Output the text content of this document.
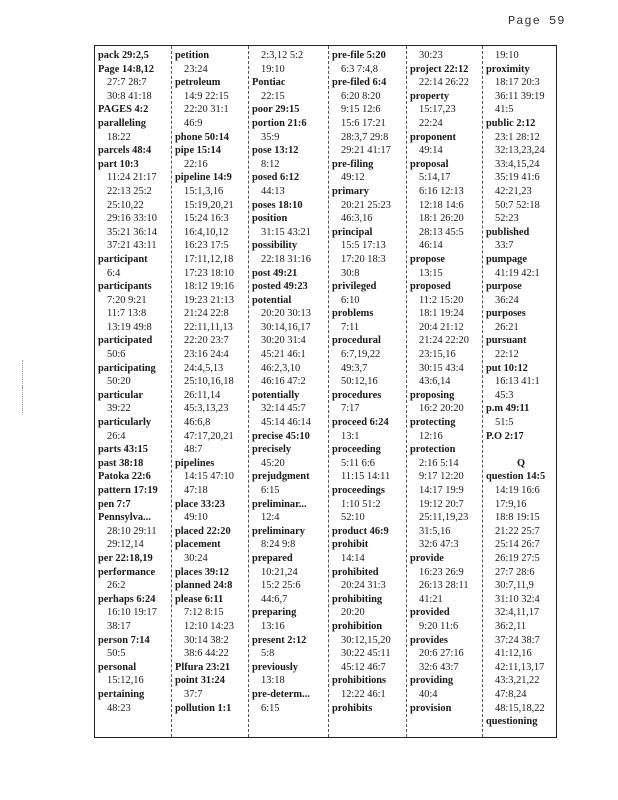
Page 59
pack 29:2,5
Page 14:8,12
27:7 28:7
30:8 41:18
PAGES 4:2
paralleling
18:22
parcels 48:4
part 10:3
11:24 21:17
22:13 25:2
25:10,22
29:16 33:10
35:21 36:14
37:21 43:11
participant
6:4
participants
7:20 9:21
11:7 13:8
13:19 49:8
participated
50:6
participating
50:20
particular
39:22
particularly
26:4
parts 43:15
past 38:18
Patoka 22:6
pattern 17:19
pen 7:7
Pennsylva...
28:10 29:11
29:12,14
per 22:18,19
performance
26:2
perhaps 6:24
16:10 19:17
38:17
person 7:14
50:5
personal
15:12,16
pertaining
48:23
petition
23:24
petroleum
14:9 22:15
22:20 31:1
46:9
phone 50:14
pipe 15:14
22:16
pipeline 14:9
15:1,3,16
15:19,20,21
15:24 16:3
16:4,10,12
16:23 17:5
17:11,12,18
17:23 18:10
18:12 19:16
19:23 21:13
21:24 22:8
22:11,11,13
22:20 23:7
23:16 24:4
24:4,5,13
25:10,16,18
26:11,14
45:3,13,23
46:6,8
47:17,20,21
48:7
pipelines
14:15 47:10
47:18
place 33:23
49:10
placed 22:20
placement
30:24
places 39:12
planned 24:8
please 6:11
7:12 8:15
12:10 14:23
30:14 38:2
38:6 44:22
Plfura 23:21
point 31:24
37:7
pollution 1:1
2:3,12 5:2
19:10
Pontiac
22:15
poor 29:15
portion 21:6
35:9
pose 13:12
8:12
posed 6:12
44:13
poses 18:10
position
31:15 43:21
possibility
22:18 31:16
post 49:21
posted 49:23
potential
20:20 30:13
30:14,16,17
30:20 31:4
45:21 46:1
46:2,3,10
46:16 47:2
potentially
32:14 45:7
45:14 46:14
precise 45:10
precisely
45:20
prejudgment
6:15
preliminar...
12:4
preliminary
8:24 9:8
prepared
10:21,24
15:2 25:6
44:6,7
preparing
13:16
present 2:12
5:8
previously
13:18
pre-determ...
6:15
pre-file 5:20
6:3 7:4,8
pre-filed 6:4
6:20 8:20
9:15 12:6
15:6 17:21
28:3,7 29:8
29:21 41:17
pre-filing
49:12
primary
20:21 25:23
46:3,16
principal
15:5 17:13
17:20 18:3
30:8
privileged
6:10
problems
7:11
procedural
6:7,19,22
49:3,7
50:12,16
procedures
7:17
proceed 6:24
13:1
proceeding
5:11 6:6
11:15 14:11
proceedings
1:10 51:2
52:10
product 46:9
prohibit
14:14
prohibited
20:24 31:3
prohibiting
20:20
prohibition
30:12,15,20
30:22 45:11
45:12 46:7
prohibitions
12:22 46:1
prohibits
30:23
project 22:12
22:14 26:22
property
15:17,23
22:24
proponent
49:14
proposal
5:14,17
6:16 12:13
12:18 14:6
18:1 26:20
28:13 45:5
46:14
propose
13:15
proposed
11:2 15:20
18:1 19:24
20:4 21:12
21:24 22:20
23:15,16
30:15 43:4
43:6,14
proposing
16:2 20:20
protecting
12:16
protection
2:16 5:14
9:17 12:20
14:17 19:9
19:12 20:7
25:11,19,23
31:5,16
32:6 47:3
provide
16:23 26:9
26:13 28:11
41:21
provided
9:20 11:6
provides
20:6 27:16
32:6 43:7
providing
40:4
provision
19:10
proximity
18:17 20:3
36:11 39:19
41:5
public 2:12
23:1 28:12
32:13,23,24
33:4,15,24
35:19 41:6
42:21,23
50:7 52:18
52:23
published
33:7
pumpage
41:19 42:1
purpose
36:24
purposes
26:21
pursuant
22:12
put 10:12
16:13 41:1
45:3
p.m 49:11
51:5
P.O 2:17
Q
question 14:5
14:19 16:6
17:9,16
18:8 19:15
21:22 25:7
25:14 26:7
26:19 27:5
27:7 28:6
30:7,11,9
31:10 32:4
32:4,11,17
36:2,11
37:24 38:7
41:12,16
42:11,13,17
43:3,21,22
47:8,24
48:15,18,22
questioning
